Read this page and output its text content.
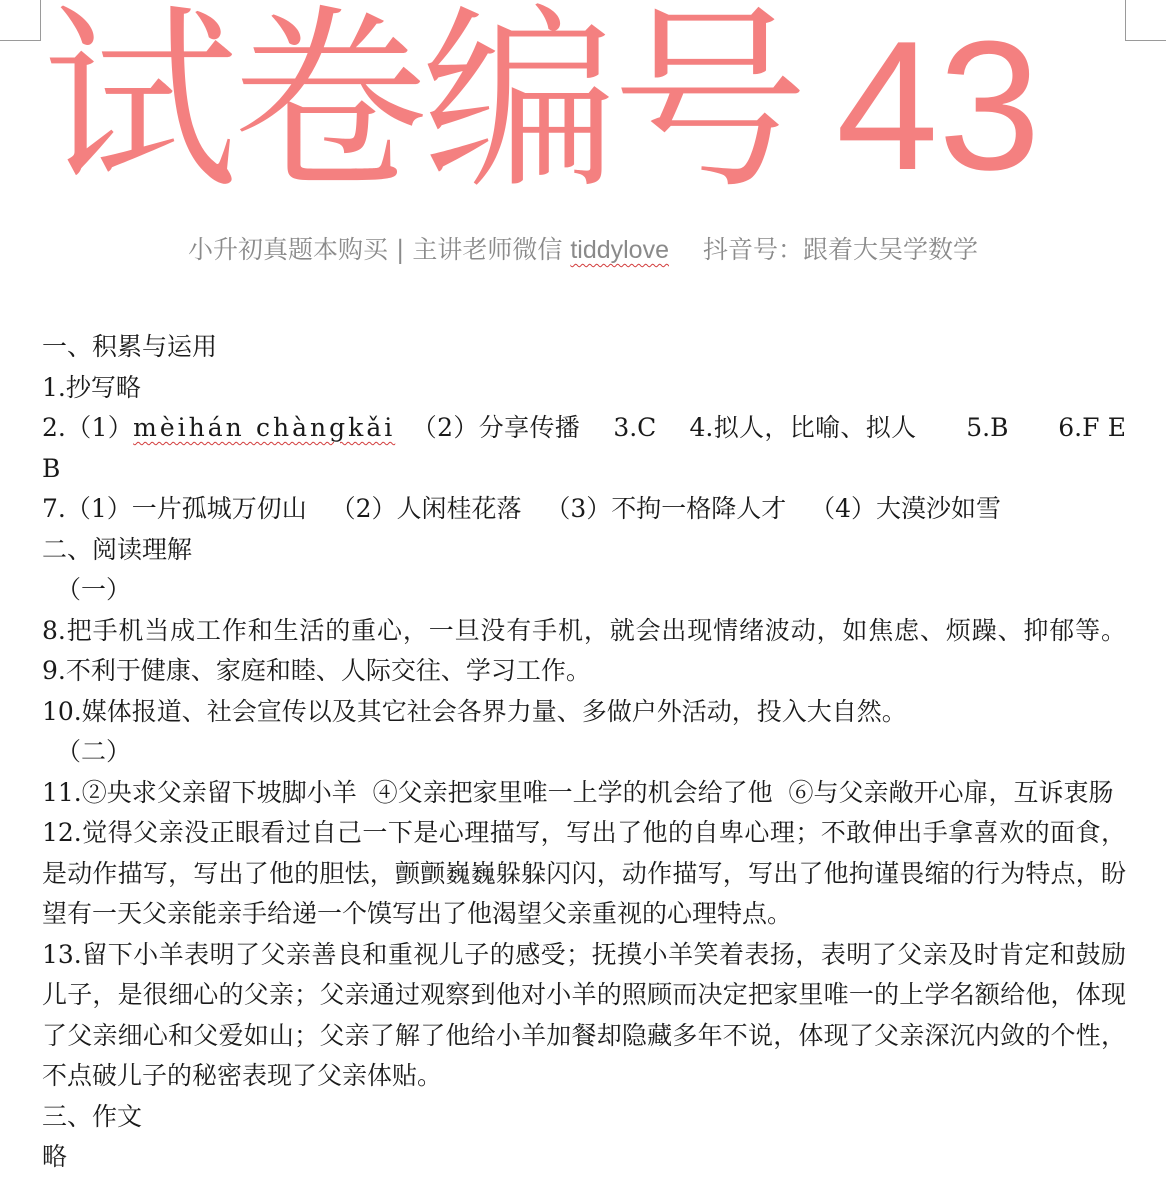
试卷编号 43
小升初真题本购买 | 主讲老师微信 tiddylove 抖音号：跟着大吴学数学

一、积累与运用

1.抄写略

2.（1）mèihán chàngkǎi  （2）分享传播    3.C    4.拟人，比喻、拟人      5.B      6.F E B

7.（1）一片孤城万仞山   （2）人闲桂花落   （3）不拘一格降人才   （4）大漠沙如雪

二、阅读理解

（一）

8.把手机当成工作和生活的重心，一旦没有手机，就会出现情绪波动，如焦虑、烦躁、抑郁等。  9.不利于健康、家庭和睦、人际交往、学习工作。

10.媒体报道、社会宣传以及其它社会各界力量、多做户外活动，投入大自然。

（二）

11.②央求父亲留下坡脚小羊  ④父亲把家里唯一上学的机会给了他  ⑥与父亲敞开心扉，互诉衷肠

12.觉得父亲没正眼看过自己一下是心理描写，写出了他的自卑心理；不敢伸出手拿喜欢的面食，是动作描写，写出了他的胆怯，颤颤巍巍躲躲闪闪，动作描写，写出了他拘谨畏缩的行为特点，盼望有一天父亲能亲手给递一个馍写出了他渴望父亲重视的心理特点。

13.留下小羊表明了父亲善良和重视儿子的感受；抚摸小羊笑着表扬，表明了父亲及时肯定和鼓励儿子，是很细心的父亲；父亲通过观察到他对小羊的照顾而决定把家里唯一的上学名额给他，体现了父亲细心和父爱如山；父亲了解了他给小羊加餐却隐藏多年不说，体现了父亲深沉内敛的个性，不点破儿子的秘密表现了父亲体贴。

三、作文

略
